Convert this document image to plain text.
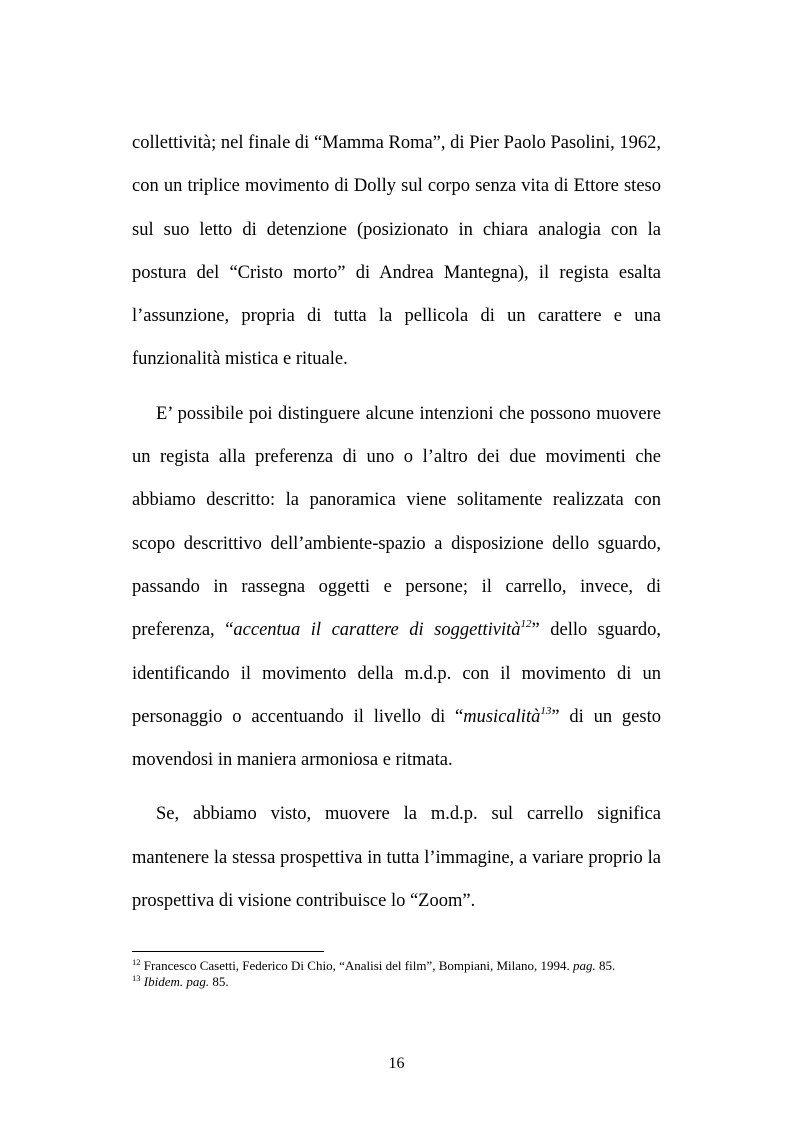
collettività; nel finale di “Mamma Roma”, di Pier Paolo Pasolini, 1962, con un triplice movimento di Dolly sul corpo senza vita di Ettore steso sul suo letto di detenzione (posizionato in chiara analogia con la postura del “Cristo morto” di Andrea Mantegna), il regista esalta l’assunzione, propria di tutta la pellicola di un carattere e una funzionalità mistica e rituale.

E’ possibile poi distinguere alcune intenzioni che possono muovere un regista alla preferenza di uno o l’altro dei due movimenti che abbiamo descritto: la panoramica viene solitamente realizzata con scopo descrittivo dell’ambiente-spazio a disposizione dello sguardo, passando in rassegna oggetti e persone; il carrello, invece, di preferenza, “accentua il carattere di soggettività$^{12}$” dello sguardo, identificando il movimento della m.d.p. con il movimento di un personaggio o accentuando il livello di “musicalità$^{13}$” di un gesto movendosi in maniera armoniosa e ritmata.

Se, abbiamo visto, muovere la m.d.p. sul carrello significa mantenere la stessa prospettiva in tutta l’immagine, a variare proprio la prospettiva di visione contribuisce lo “Zoom”.

$^{12}$ Francesco Casetti, Federico Di Chio, “Analisi del film”, Bompiani, Milano, 1994. pag. 85.
$^{13}$ Ibidem. pag. 85.
16
